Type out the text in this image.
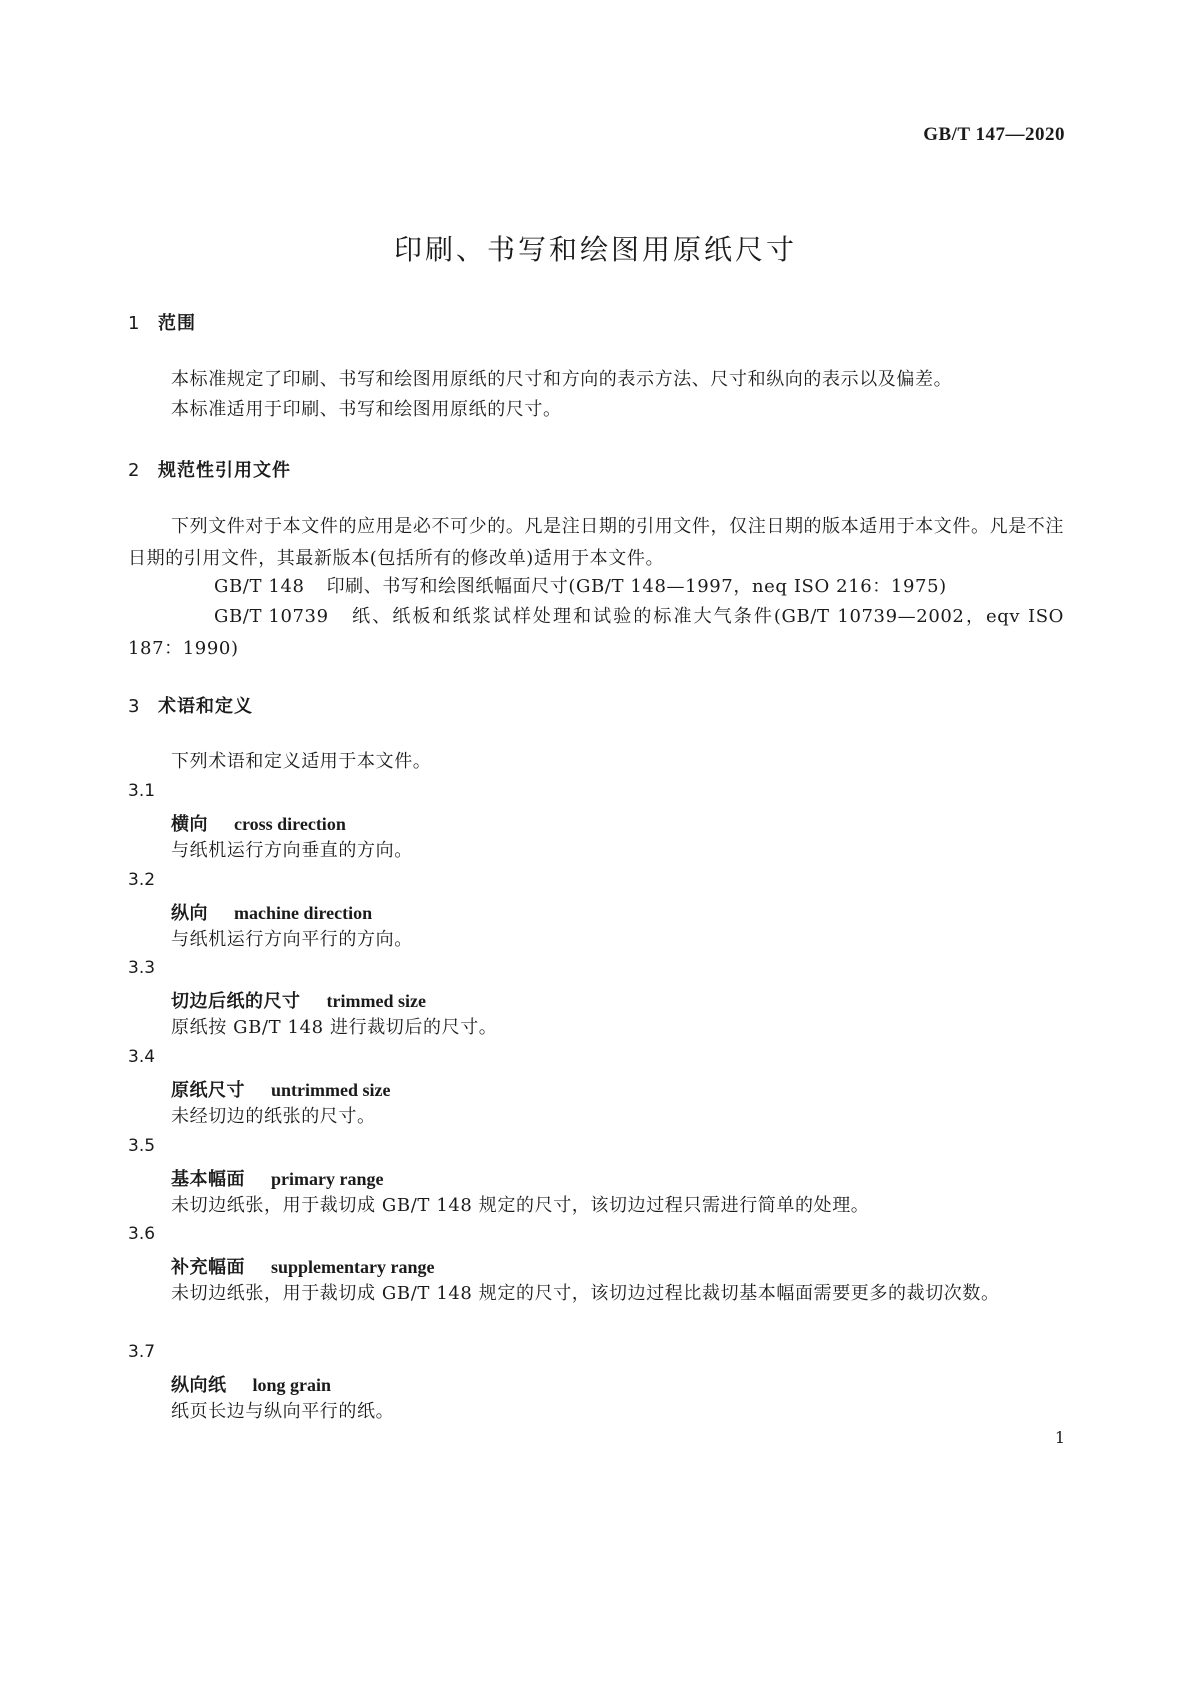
GB/T 147—2020
印刷、书写和绘图用原纸尺寸
1 范围

本标准规定了印刷、书写和绘图用原纸的尺寸和方向的表示方法、尺寸和纵向的表示以及偏差。

本标准适用于印刷、书写和绘图用原纸的尺寸。

2 规范性引用文件

下列文件对于本文件的应用是必不可少的。凡是注日期的引用文件，仅注日期的版本适用于本文件。凡是不注日期的引用文件，其最新版本(包括所有的修改单)适用于本文件。

GB/T 148 印刷、书写和绘图纸幅面尺寸(GB/T 148—1997，neq ISO 216：1975)

GB/T 10739 纸、纸板和纸浆试样处理和试验的标准大气条件(GB/T 10739—2002，eqv ISO 187：1990)

3 术语和定义

下列术语和定义适用于本文件。

3.1
横向 cross direction

与纸机运行方向垂直的方向。

3.2
纵向 machine direction

与纸机运行方向平行的方向。

3.3
切边后纸的尺寸 trimmed size

原纸按 GB/T 148 进行裁切后的尺寸。

3.4
原纸尺寸 untrimmed size

未经切边的纸张的尺寸。

3.5
基本幅面 primary range

未切边纸张，用于裁切成 GB/T 148 规定的尺寸，该切边过程只需进行简单的处理。

3.6
补充幅面 supplementary range

未切边纸张，用于裁切成 GB/T 148 规定的尺寸，该切边过程比裁切基本幅面需要更多的裁切次数。

3.7
纵向纸 long grain

纸页长边与纵向平行的纸。

1
